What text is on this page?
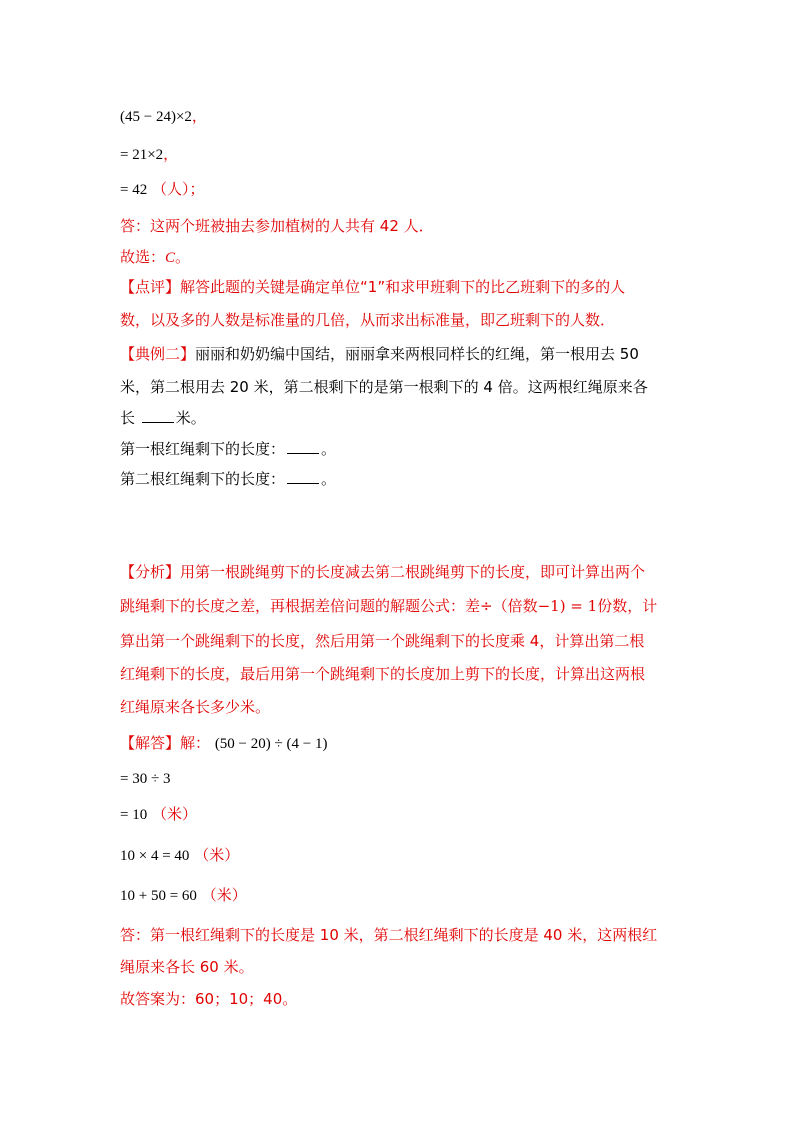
(45 − 24)×2，
= 21×2，
= 42 （人）；
答：这两个班被抽去参加植树的人共有 42 人．
故选：C。
【点评】解答此题的关键是确定单位“1”和求甲班剩下的比乙班剩下的多的人
数，以及多的人数是标准量的几倍，从而求出标准量，即乙班剩下的人数．
【典例二】丽丽和奶奶编中国结，丽丽拿来两根同样长的红绳，第一根用去 50
米，第二根用去 20 米，第二根剩下的是第一根剩下的 4 倍。这两根红绳原来各
长	米。
第一根红绳剩下的长度： 。
第二根红绳剩下的长度： 。
【分析】用第一根跳绳剪下的长度减去第二根跳绳剪下的长度，即可计算出两个
跳绳剩下的长度之差，再根据差倍问题的解题公式：差÷（倍数−1) = 1份数，计
算出第一个跳绳剩下的长度，然后用第一个跳绳剩下的长度乘 4，计算出第二根
红绳剩下的长度，最后用第一个跳绳剩下的长度加上剪下的长度，计算出这两根
红绳原来各长多少米。
【解答】解： (50 − 20) ÷ (4 − 1)
= 30 ÷ 3
= 10 （米）
10 × 4 = 40 （米）
10 + 50 = 60 （米）
答：第一根红绳剩下的长度是 10 米，第二根红绳剩下的长度是 40 米，这两根红
绳原来各长 60 米。
故答案为：60；10；40。
